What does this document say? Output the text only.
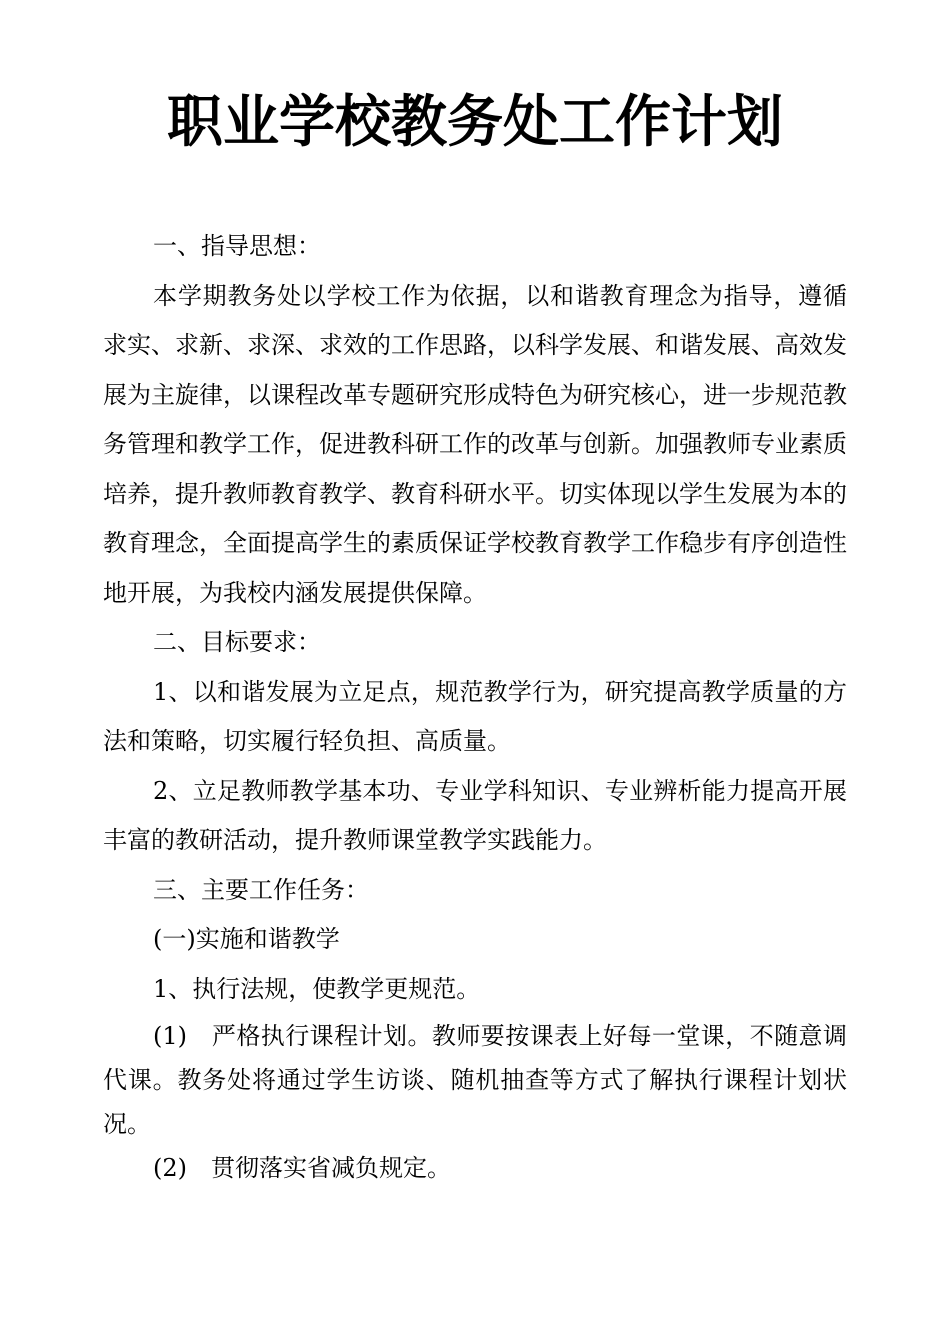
职业学校教务处工作计划

一、指导思想：

本学期教务处以学校工作为依据，以和谐教育理念为指导，遵循求实、求新、求深、求效的工作思路，以科学发展、和谐发展、高效发展为主旋律，以课程改革专题研究形成特色为研究核心，进一步规范教务管理和教学工作，促进教科研工作的改革与创新。加强教师专业素质培养，提升教师教育教学、教育科研水平。切实体现以学生发展为本的教育理念，全面提高学生的素质保证学校教育教学工作稳步有序创造性地开展，为我校内涵发展提供保障。

二、目标要求：

1、以和谐发展为立足点，规范教学行为，研究提高教学质量的方法和策略，切实履行轻负担、高质量。

2、立足教师教学基本功、专业学科知识、专业辨析能力提高开展丰富的教研活动，提升教师课堂教学实践能力。

三、主要工作任务：

(一)实施和谐教学

1、执行法规，使教学更规范。

(1)　严格执行课程计划。教师要按课表上好每一堂课，不随意调代课。教务处将通过学生访谈、随机抽查等方式了解执行课程计划状况。

(2)　贯彻落实省减负规定。
